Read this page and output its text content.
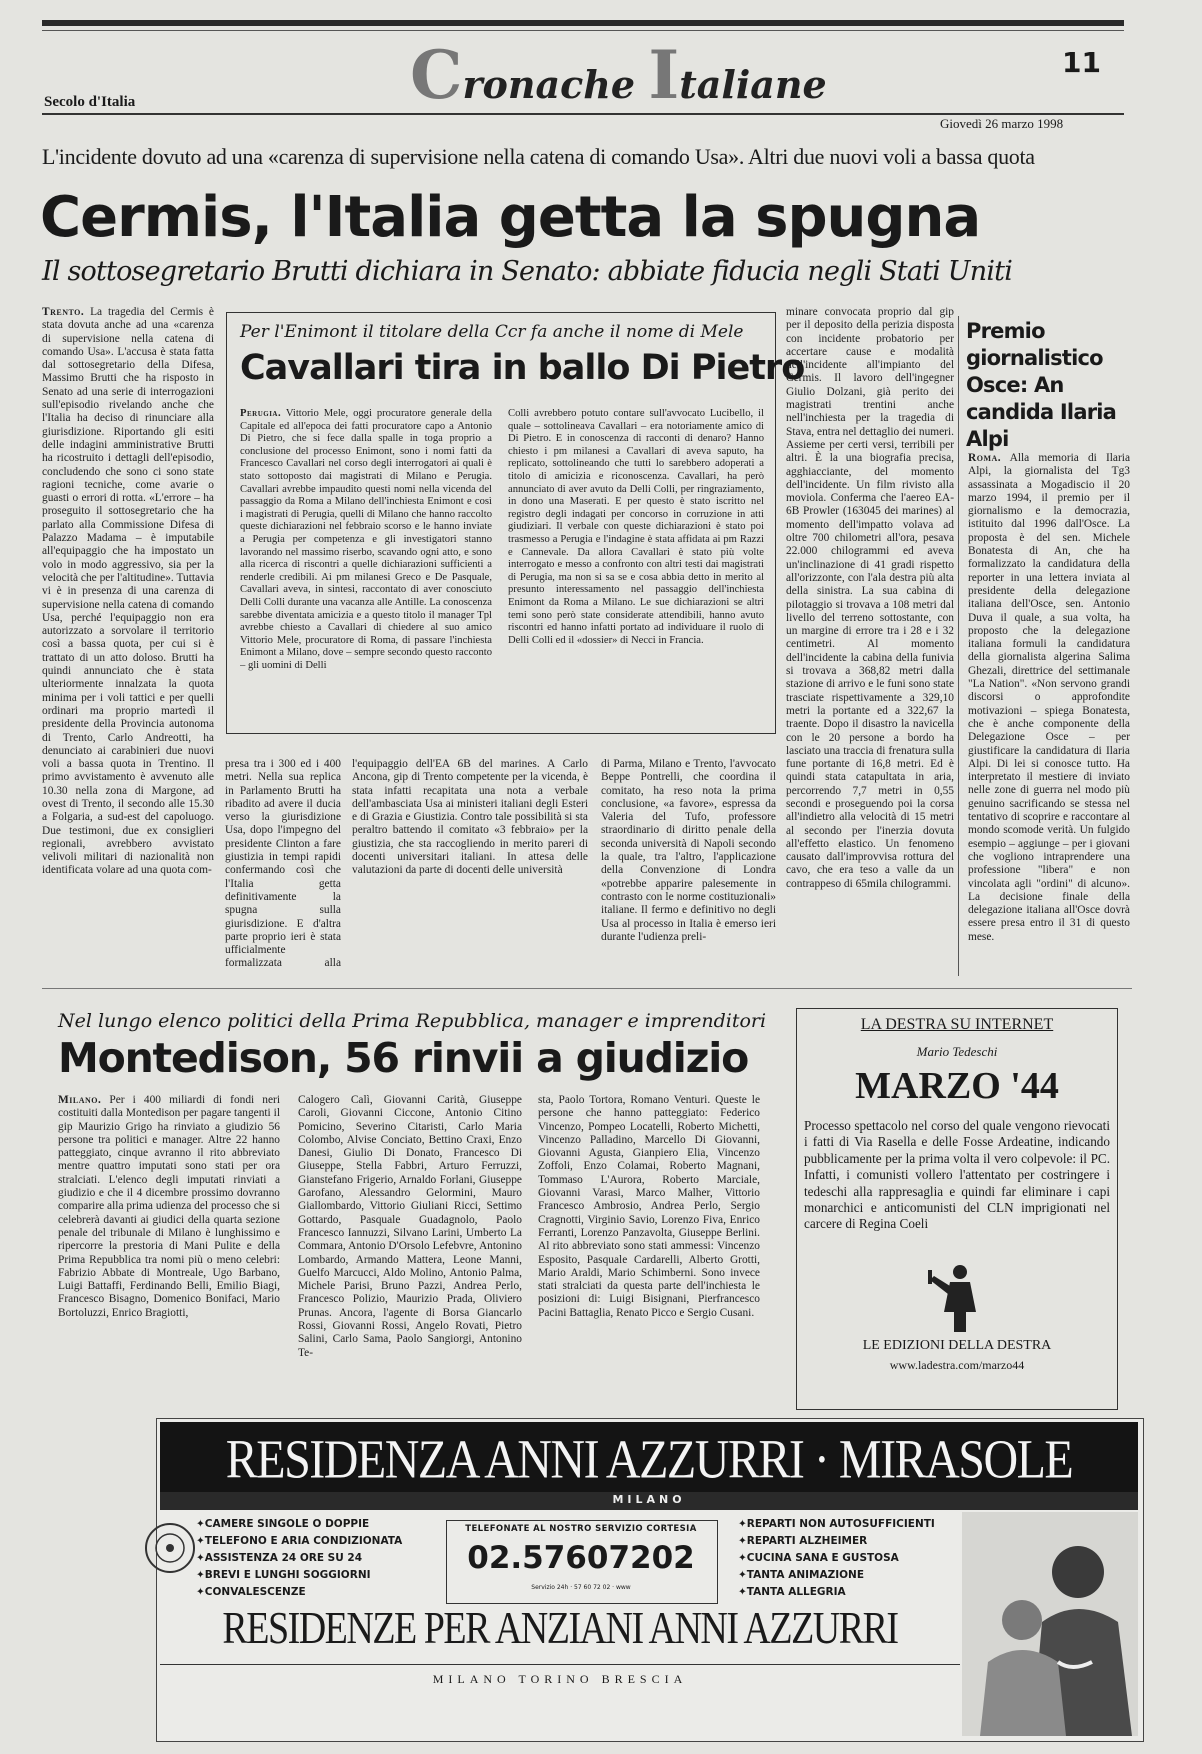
Secolo d'Italia	Cronache Italiane	11
Giovedì 26 marzo 1998
L'incidente dovuto ad una «carenza di supervisione nella catena di comando Usa». Altri due nuovi voli a bassa quota
Cermis, l'Italia getta la spugna
Il sottosegretario Brutti dichiara in Senato: abbiate fiducia negli Stati Uniti

Trento. La tragedia del Cermis è stata dovuta anche ad una «carenza di supervisione nella catena di comando Usa». L'accusa è stata fatta dal sottosegretario della Difesa, Massimo Brutti che ha risposto in Senato ad una serie di interrogazioni sull'episodio rivelando anche che l'Italia ha deciso di rinunciare alla giurisdizione. Riportando gli esiti delle indagini amministrative Brutti ha ricostruito i dettagli dell'episodio, concludendo che sono ci sono state ragioni tecniche, come avarie o guasti o errori di rotta. «L'errore – ha proseguito il sottosegretario che ha parlato alla Commissione Difesa di Palazzo Madama – è imputabile all'equipaggio che ha impostato un volo in modo aggressivo, sia per la velocità che per l'altitudine». Tuttavia vi è in presenza di una carenza di supervisione nella catena di comando Usa, perché l'equipaggio non era autorizzato a sorvolare il territorio così a bassa quota, per cui si è trattato di un atto doloso. Brutti ha quindi annunciato che è stata ulteriormente innalzata la quota minima per i voli tattici e per quelli ordinari ma proprio martedì il presidente della Provincia autonoma di Trento, Carlo Andreotti, ha denunciato ai carabinieri due nuovi voli a bassa quota in Trentino. Il primo avvistamento è avvenuto alle 10.30 nella zona di Margone, ad ovest di Trento, il secondo alle 15.30 a Folgaria, a sud-est del capoluogo. Due testimoni, due ex consiglieri regionali, avrebbero avvistato velivoli militari di nazionalità non identificata volare ad una quota com-

presa tra i 300 ed i 400 metri. Nella sua replica in Parlamento Brutti ha ribadito ad avere il ducia verso la giurisdizione Usa, dopo l'impegno del presidente Clinton a fare giustizia in tempi rapidi confermando così che l'Italia getta definitivamente la spugna sulla giurisdizione. E d'altra parte proprio ieri è stata ufficialmente formalizzata alla

l'equipaggio dell'EA 6B del marines. A Carlo Ancona, gip di Trento competente per la vicenda, è stata infatti recapitata una nota a verbale dell'ambasciata Usa ai ministeri italiani degli Esteri e di Grazia e Giustizia. Contro tale possibilità si sta peraltro battendo il comitato «3 febbraio» per la giustizia, che sta raccogliendo in merito pareri di docenti universitari italiani. In attesa delle valutazioni da parte di docenti delle università

di Parma, Milano e Trento, l'avvocato Beppe Pontrelli, che coordina il comitato, ha reso nota la prima conclusione, «a favore», espressa da Valeria del Tufo, professore straordinario di diritto penale della seconda università di Napoli secondo la quale, tra l'altro, l'applicazione della Convenzione di Londra «potrebbe apparire palesemente in contrasto con le norme costituzionali» italiane. Il fermo e definitivo no degli Usa al processo in Italia è emerso ieri durante l'udienza preli-

minare convocata proprio dal gip per il deposito della perizia disposta con incidente probatorio per accertare cause e modalità dell'incidente all'impianto del Cermis. Il lavoro dell'ingegner Giulio Dolzani, già perito dei magistrati trentini anche nell'inchiesta per la tragedia di Stava, entra nel dettaglio dei numeri. Assieme per certi versi, terribili per altri. È la una biografia precisa, agghiacciante, del momento dell'incidente. Un film rivisto alla moviola. Conferma che l'aereo EA-6B Prowler (163045 dei marines) al momento dell'impatto volava ad oltre 700 chilometri all'ora, pesava 22.000 chilogrammi ed aveva un'inclinazione di 41 gradi rispetto all'orizzonte, con l'ala destra più alta della sinistra. La sua cabina di pilotaggio si trovava a 108 metri dal livello del terreno sottostante, con un margine di errore tra i 28 e i 32 centimetri. Al momento dell'incidente la cabina della funivia si trovava a 368,82 metri dalla stazione di arrivo e le funi sono state trasciate rispettivamente a 329,10 metri la portante ed a 322,67 la traente. Dopo il disastro la navicella con le 20 persone a bordo ha lasciato una traccia di frenatura sulla fune portante di 16,8 metri. Ed è quindi stata catapultata in aria, percorrendo 7,7 metri in 0,55 secondi e proseguendo poi la corsa all'indietro alla velocità di 15 metri al secondo per l'inerzia dovuta all'effetto elastico. Un fenomeno causato dall'improvvisa rottura del cavo, che era teso a valle da un contrappeso di 65mila chilogrammi.

Per l'Enimont il titolare della Ccr fa anche il nome di Mele
Cavallari tira in ballo Di Pietro

Perugia. Vittorio Mele, oggi procuratore generale della Capitale ed all'epoca dei fatti procuratore capo a Antonio Di Pietro, che si fece dalla spalle in toga proprio a conclusione del processo Enimont, sono i nomi fatti da Francesco Cavallari nel corso degli interrogatori ai quali è stato sottoposto dai magistrati di Milano e Perugia. Cavallari avrebbe impaudito questi nomi nella vicenda del passaggio da Roma a Milano dell'inchiesta Enimont e così i magistrati di Perugia, quelli di Milano che hanno raccolto queste dichiarazioni nel febbraio scorso e le hanno inviate a Perugia per competenza e gli investigatori stanno lavorando nel massimo riserbo, scavando ogni atto, e sono alla ricerca di riscontri a quelle dichiarazioni sufficienti a renderle credibili. Ai pm milanesi Greco e De Pasquale, Cavallari aveva, in sintesi, raccontato di aver conosciuto Delli Colli durante una vacanza alle Antille. La conoscenza sarebbe diventata amicizia e a questo titolo il manager Tpl avrebbe chiesto a Cavallari di chiedere al suo amico Vittorio Mele, procuratore di Roma, di passare l'inchiesta Enimont a Milano, dove – sempre secondo questo racconto – gli uomini di Delli

Colli avrebbero potuto contare sull'avvocato Lucibello, il quale – sottolineava Cavallari – era notoriamente amico di Di Pietro. E in conoscenza di racconti di denaro? Hanno chiesto i pm milanesi a Cavallari di aveva saputo, ha replicato, sottolineando che tutti lo sarebbero adoperati a titolo di amicizia e riconoscenza. Cavallari, ha però annunciato di aver avuto da Delli Colli, per ringraziamento, in dono una Maserati. E per questo è stato iscritto nel registro degli indagati per concorso in corruzione in atti giudiziari. Il verbale con queste dichiarazioni è stato poi trasmesso a Perugia e l'indagine è stata affidata ai pm Razzi e Cannevale. Da allora Cavallari è stato più volte interrogato e messo a confronto con altri testi dai magistrati di Perugia, ma non si sa se e cosa abbia detto in merito al presunto interessamento nel passaggio dell'inchiesta Enimont da Roma a Milano. Le sue dichiarazioni se altri temi sono però state considerate attendibili, hanno avuto riscontri ed hanno infatti portato ad individuare il ruolo di Delli Colli ed il «dossier» di Necci in Francia.

Premio giornalistico Osce: An candida Ilaria Alpi

Roma. Alla memoria di Ilaria Alpi, la giornalista del Tg3 assassinata a Mogadiscio il 20 marzo 1994, il premio per il giornalismo e la democrazia, istituito dal 1996 dall'Osce. La proposta è del sen. Michele Bonatesta di An, che ha formalizzato la candidatura della reporter in una lettera inviata al presidente della delegazione italiana dell'Osce, sen. Antonio Duva il quale, a sua volta, ha proposto che la delegazione italiana formuli la candidatura della giornalista algerina Salima Ghezali, direttrice del settimanale "La Nation". «Non servono grandi discorsi o approfondite motivazioni – spiega Bonatesta, che è anche componente della Delegazione Osce – per giustificare la candidatura di Ilaria Alpi. Di lei si conosce tutto. Ha interpretato il mestiere di inviato nelle zone di guerra nel modo più genuino sacrificando se stessa nel tentativo di scoprire e raccontare al mondo scomode verità. Un fulgido esempio – aggiunge – per i giovani che vogliono intraprendere una professione "libera" e non vincolata agli "ordini" di alcuno». La decisione finale della delegazione italiana all'Osce dovrà essere presa entro il 31 di questo mese.

Nel lungo elenco politici della Prima Repubblica, manager e imprenditori
Montedison, 56 rinvii a giudizio

Milano. Per i 400 miliardi di fondi neri costituiti dalla Montedison per pagare tangenti il gip Maurizio Grigo ha rinviato a giudizio 56 persone tra politici e manager. Altre 22 hanno patteggiato, cinque avranno il rito abbreviato mentre quattro imputati sono stati per ora stralciati. L'elenco degli imputati rinviati a giudizio e che il 4 dicembre prossimo dovranno comparire alla prima udienza del processo che si celebrerà davanti ai giudici della quarta sezione penale del tribunale di Milano è lunghissimo e ripercorre la prestoria di Mani Pulite e della Prima Repubblica tra nomi più o meno celebri: Fabrizio Abbate di Montreale, Ugo Barbano, Luigi Battaffi, Ferdinando Belli, Emilio Biagi, Francesco Bisagno, Domenico Bonifaci, Mario Bortoluzzi, Enrico Bragiotti,

Calogero Calì, Giovanni Carità, Giuseppe Caroli, Giovanni Ciccone, Antonio Citino Pomicino, Severino Citaristi, Carlo Maria Colombo, Alvise Conciato, Bettino Craxi, Enzo Danesi, Giulio Di Donato, Francesco Di Giuseppe, Stella Fabbri, Arturo Ferruzzi, Gianstefano Frigerio, Arnaldo Forlani, Giuseppe Garofano, Alessandro Gelormini, Mauro Giallombardo, Vittorio Giuliani Ricci, Settimo Gottardo, Pasquale Guadagnolo, Paolo Francesco Iannuzzi, Silvano Larini, Umberto La Commara, Antonio D'Orsolo Lefebvre, Antonino Lombardo, Armando Mattera, Leone Manni, Guelfo Marcucci, Aldo Molino, Antonio Palma, Michele Parisi, Bruno Pazzi, Andrea Perlo, Francesco Polizio, Maurizio Prada, Oliviero Prunas. Ancora, l'agente di Borsa Giancarlo Rossi, Giovanni Rossi, Angelo Rovati, Pietro Salini, Carlo Sama, Paolo Sangiorgi, Antonino Te-

sta, Paolo Tortora, Romano Venturi. Queste le persone che hanno patteggiato: Federico Vincenzo, Pompeo Locatelli, Roberto Michetti, Vincenzo Palladino, Marcello Di Giovanni, Giovanni Agusta, Gianpiero Elia, Vincenzo Zoffoli, Enzo Colamai, Roberto Magnani, Tommaso L'Aurora, Roberto Marciale, Giovanni Varasi, Marco Malher, Vittorio Francesco Ambrosio, Andrea Perlo, Sergio Cragnotti, Virginio Savio, Lorenzo Fiva, Enrico Ferranti, Lorenzo Panzavolta, Giuseppe Berlini. Al rito abbreviato sono stati ammessi: Vincenzo Esposito, Pasquale Cardarelli, Alberto Grotti, Mario Araldi, Mario Schimberni. Sono invece stati stralciati da questa parte dell'inchiesta le posizioni di: Luigi Bisignani, Pierfrancesco Pacini Battaglia, Renato Picco e Sergio Cusani.

LA DESTRA SU INTERNET
Mario Tedeschi
MARZO '44
Processo spettacolo nel corso del quale vengono rievocati i fatti di Via Rasella e delle Fosse Ardeatine, indicando pubblicamente per la prima volta il vero colpevole: il PC. Infatti, i comunisti vollero l'attentato per costringere i tedeschi alla rappresaglia e quindi far eliminare i capi monarchici e anticomunisti del CLN imprigionati nel carcere di Regina Coeli
LE EDIZIONI DELLA DESTRA
www.ladestra.com/marzo44
RESIDENZA ANNI AZZURRI · MIRASOLE
MILANO
✦CAMERE SINGOLE O DOPPIE
✦TELEFONO E ARIA CONDIZIONATA
✦ASSISTENZA 24 ORE SU 24
✦BREVI E LUNGHI SOGGIORNI
✦CONVALESCENZE
TELEFONATE AL NOSTRO SERVIZIO CORTESIA
02.57607202
Servizio 24h · 57 60 72 02 · www
✦REPARTI NON AUTOSUFFICIENTI
✦REPARTI ALZHEIMER
✦CUCINA SANA E GUSTOSA
✦TANTA ANIMAZIONE
✦TANTA ALLEGRIA
RESIDENZE PER ANZIANI ANNI AZZURRI
MILANO TORINO BRESCIA
